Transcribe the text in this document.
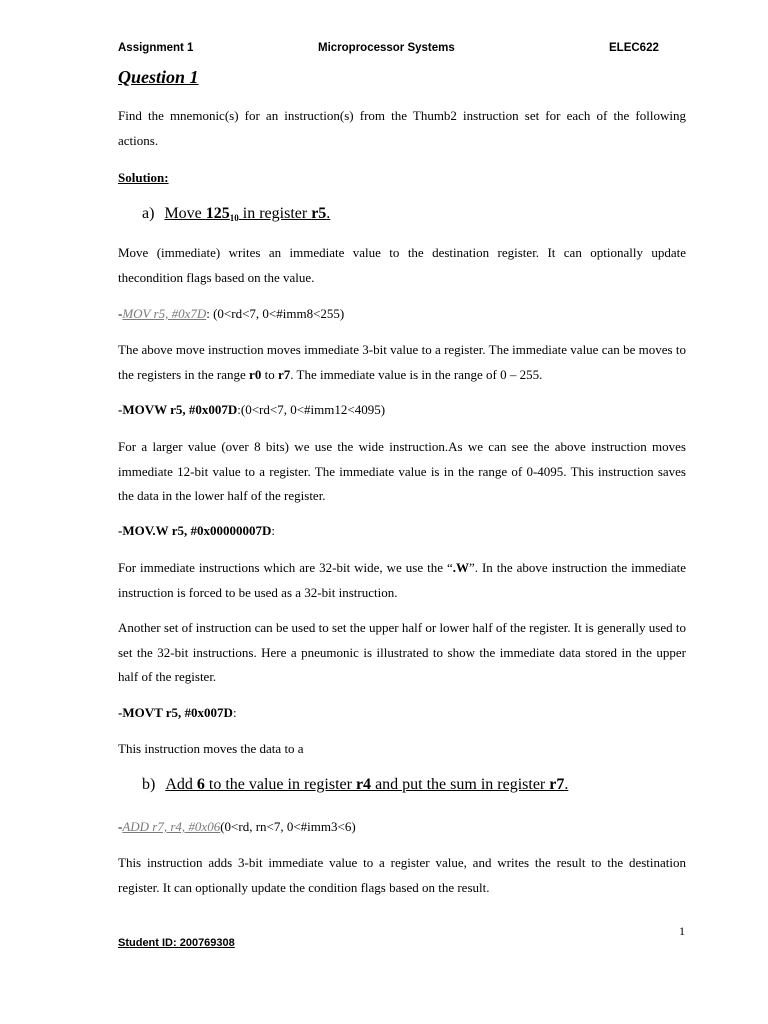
Assignment 1	Microprocessor Systems	ELEC622
Question 1
Find the mnemonic(s) for an instruction(s) from the Thumb2 instruction set for each of the following actions.
Solution:
a) Move $125_{10}$ in register r5.
Move (immediate) writes an immediate value to the destination register. It can optionally update thecondition flags based on the value.
-MOV r5, #0x7D: (0<rd<7, 0<#imm8<255)
The above move instruction moves immediate 3-bit value to a register. The immediate value can be moves to the registers in the range r0 to r7. The immediate value is in the range of 0 – 255.
-MOVW r5, #0x007D:(0<rd<7, 0<#imm12<4095)
For a larger value (over 8 bits) we use the wide instruction.As we can see the above instruction moves immediate 12-bit value to a register. The immediate value is in the range of 0-4095. This instruction saves the data in the lower half of the register.
-MOV.W r5, #0x00000007D:
For immediate instructions which are 32-bit wide, we use the “.W”. In the above instruction the immediate instruction is forced to be used as a 32-bit instruction.
Another set of instruction can be used to set the upper half or lower half of the register. It is generally used to set the 32-bit instructions. Here a pneumonic is illustrated to show the immediate data stored in the upper half of the register.
-MOVT r5, #0x007D:
This instruction moves the data to a
b) Add 6 to the value in register r4 and put the sum in register r7.
-ADD r7, r4, #0x06(0<rd, rn<7, 0<#imm3<6)
This instruction adds 3-bit immediate value to a register value, and writes the result to the destination register. It can optionally update the condition flags based on the result.
1
Student ID: 200769308
